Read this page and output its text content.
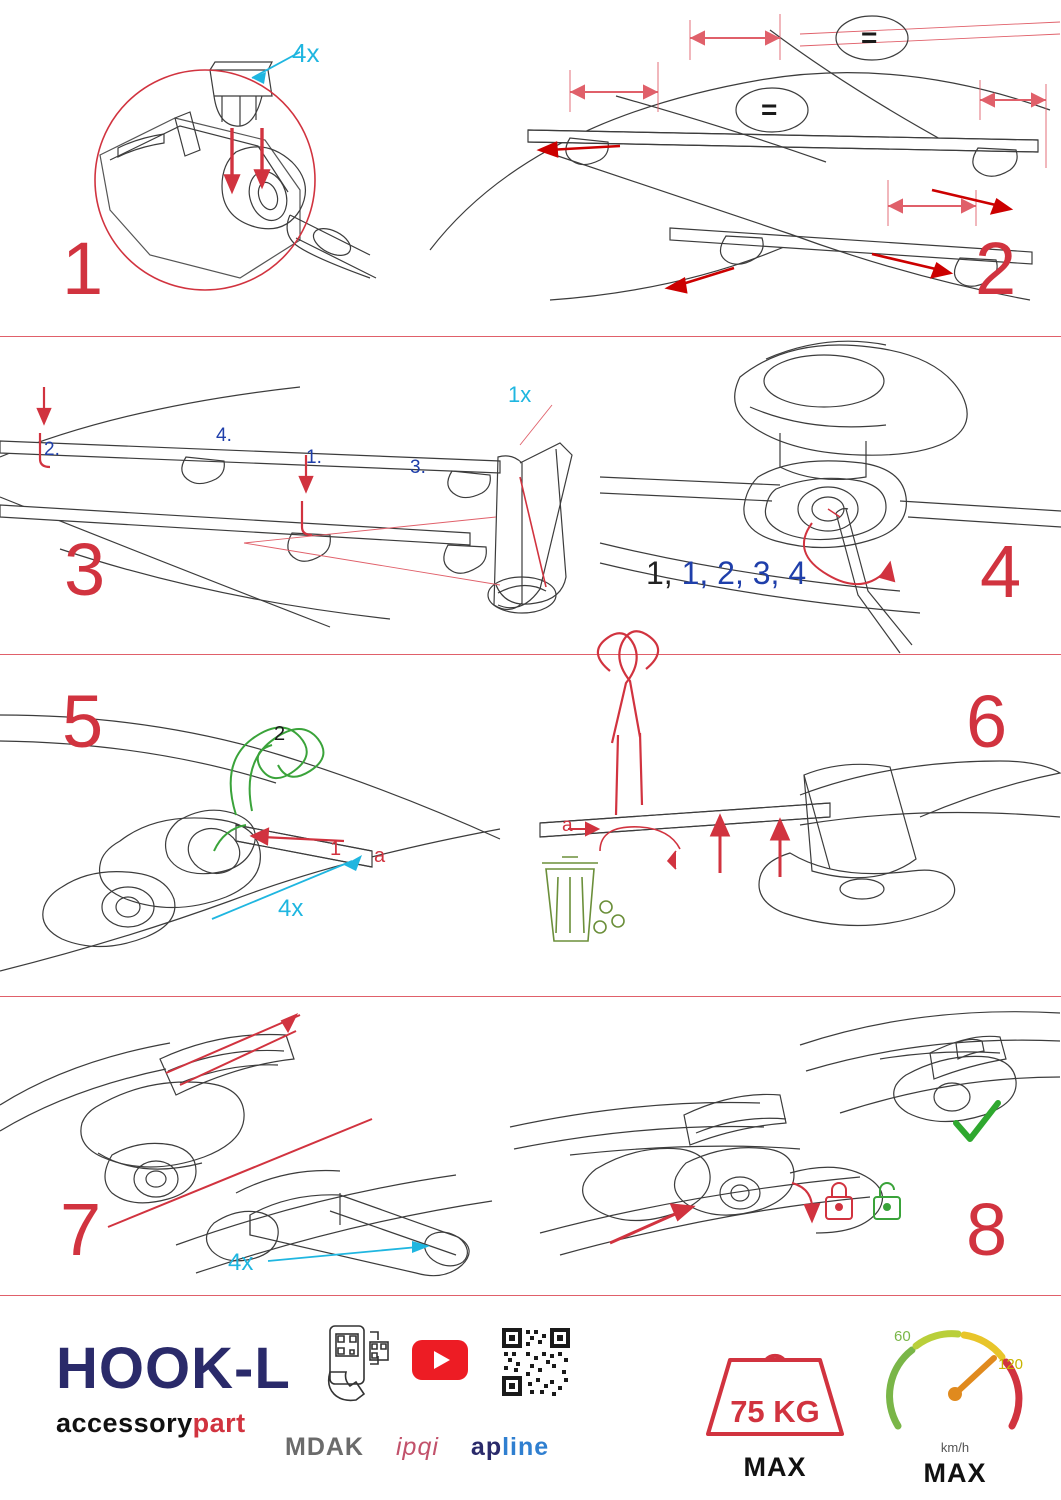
4x
1
=
=
2
2.
4.
1.	3.
1x
3	1, 1, 2, 3, 4 4
5	2
1 a
4x
a
6
7	4x	8
HOOK-L
accessorypart
MDAK ipqi apline
75 KG
MAX
60
120
km/h
MAX
